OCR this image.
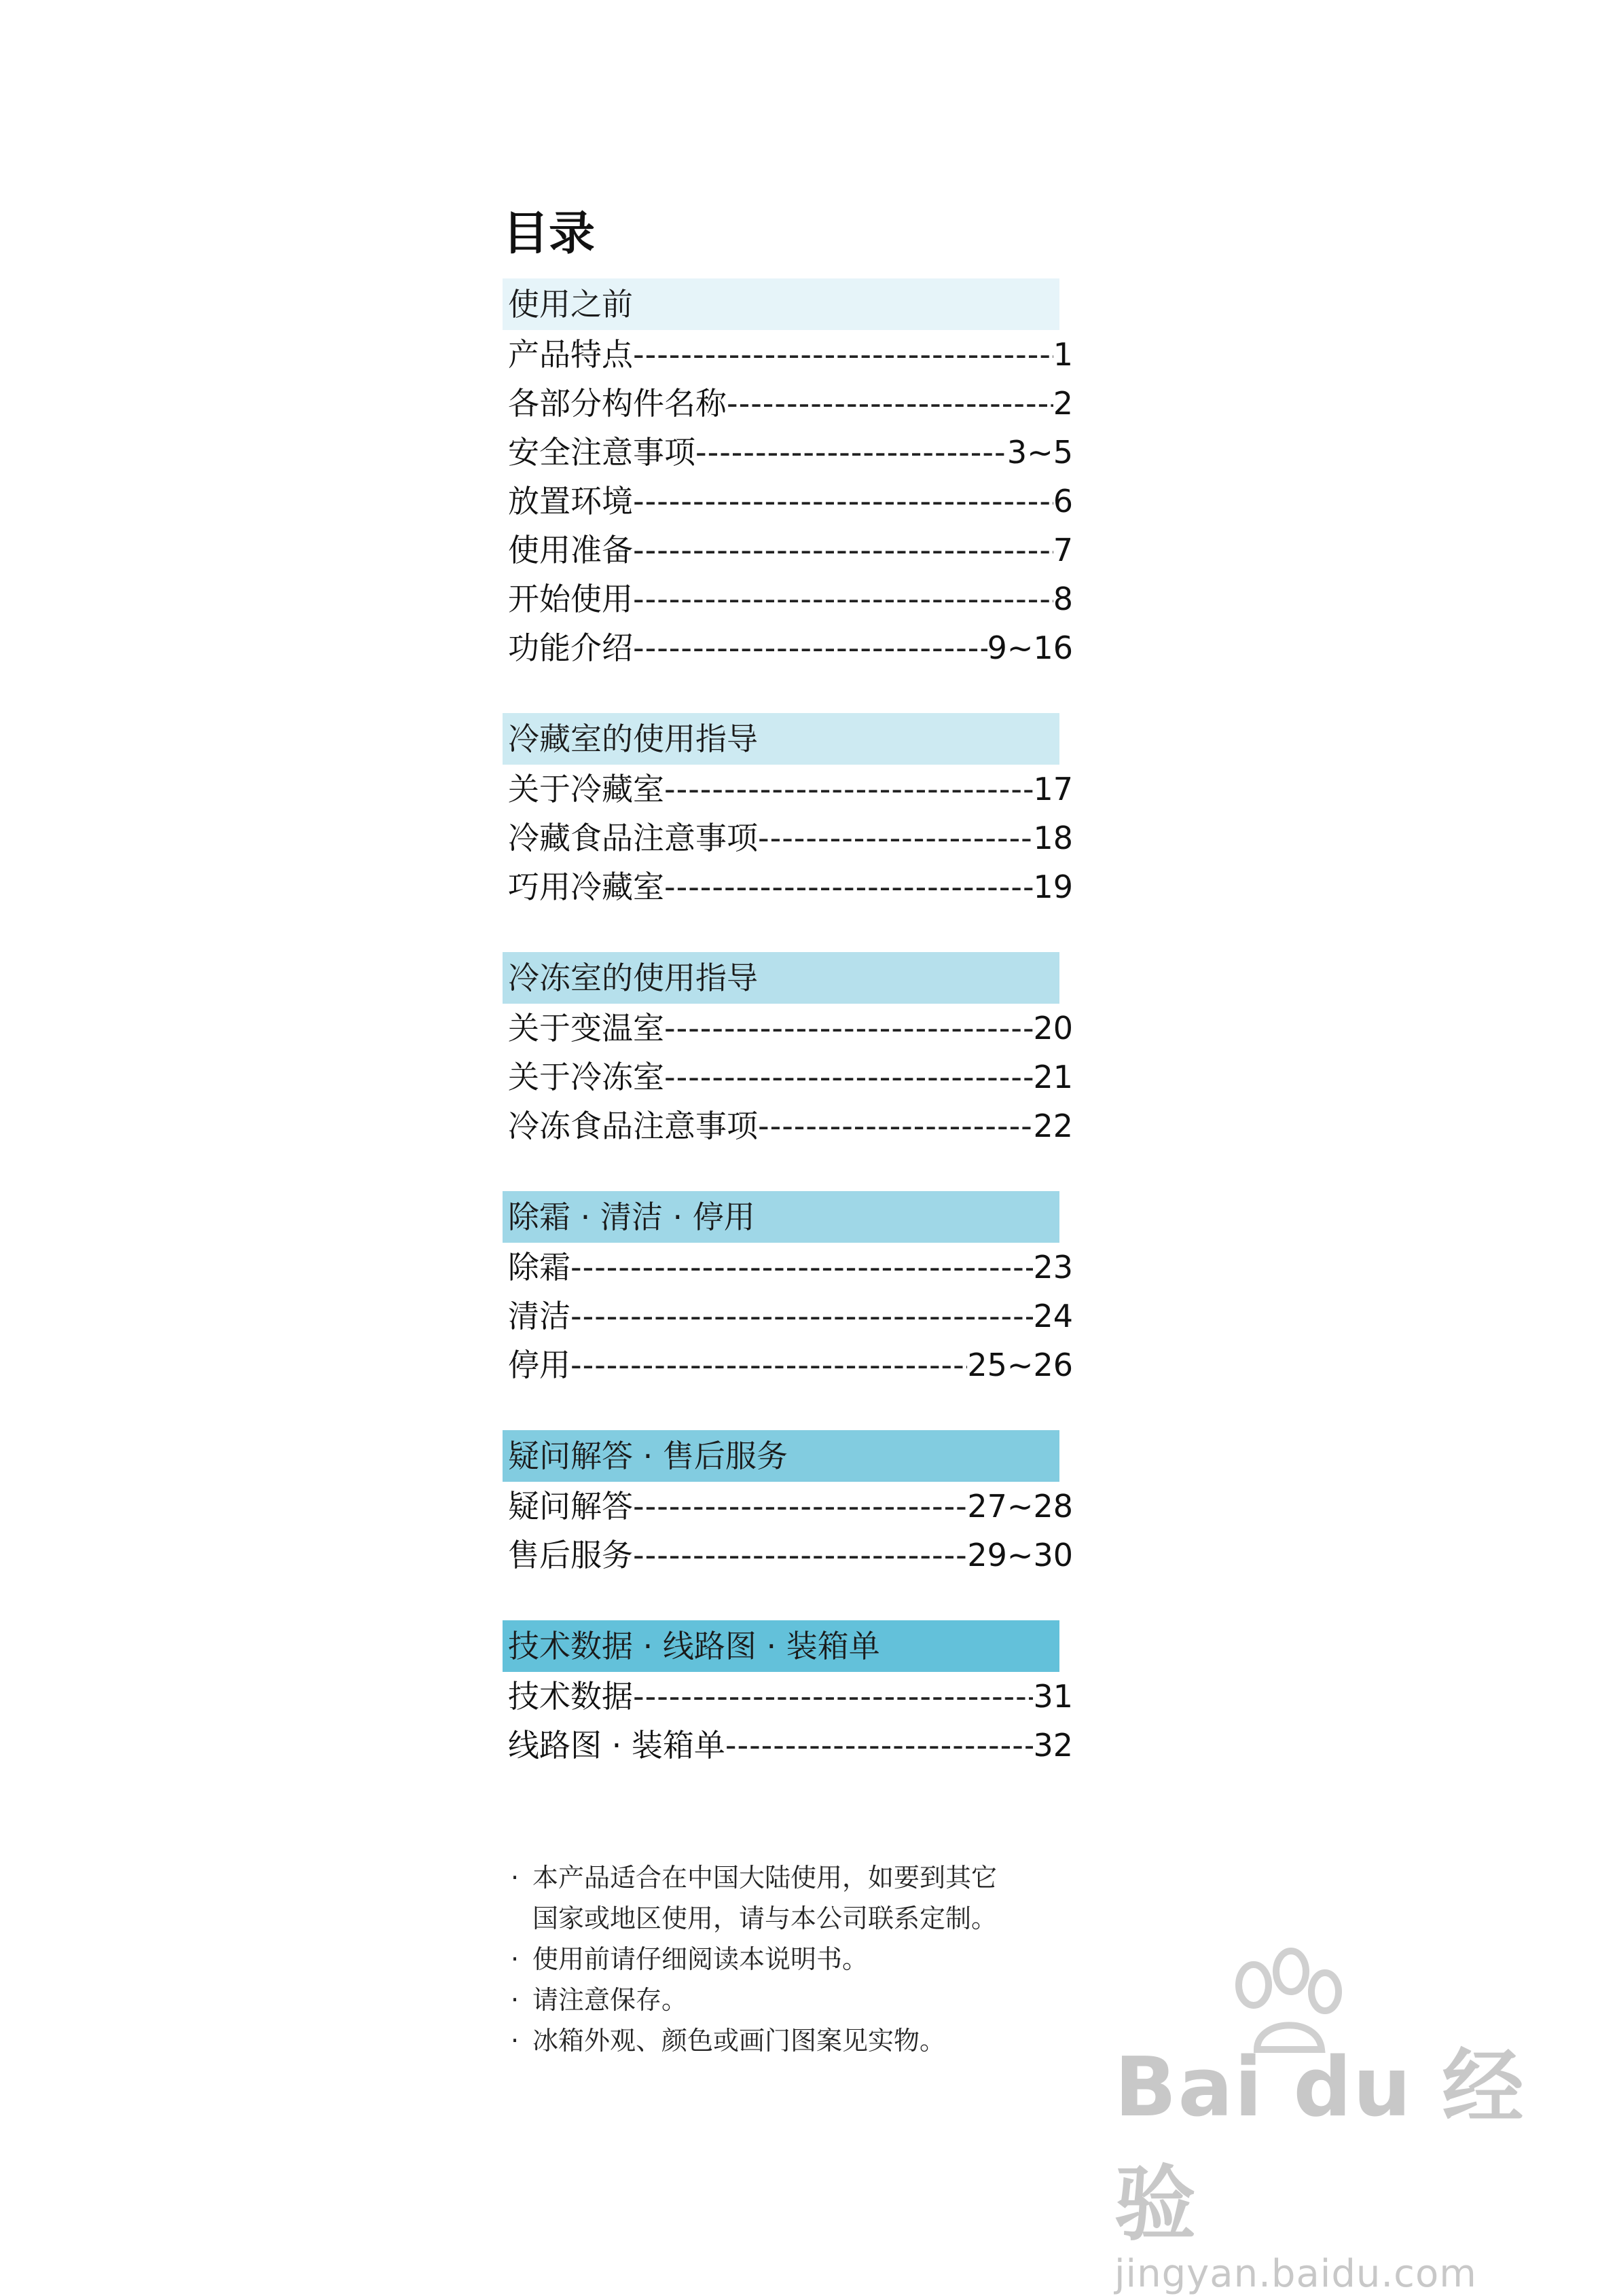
目录
使用之前
产品特点 -----	1
各部分构件名称 -----	2
安全注意事项 -----	3~5
放置环境 -----	6
使用准备 -----	7
开始使用 -----	8
功能介绍 -----	9~16
冷藏室的使用指导
关于冷藏室 -----	17
冷藏食品注意事项 -----	18
巧用冷藏室 -----	19
冷冻室的使用指导
关于变温室 -----	20
关于冷冻室 -----	21
冷冻食品注意事项 -----	22
除霜 · 清洁 · 停用
除霜 -----	23
清洁 -----	24
停用 -----	25~26
疑问解答 · 售后服务
疑问解答 -----	27~28
售后服务 -----	29~30
技术数据 · 线路图 · 装箱单
技术数据 -----	31
线路图 · 装箱单 -----	32
· 本产品适合在中国大陆使用，如要到其它
国家或地区使用，请与本公司联系定制。
· 使用前请仔细阅读本说明书。
· 请注意保存。
· 冰箱外观、颜色或画门图案见实物。	Bai du 经验
jingyan.baidu.com
